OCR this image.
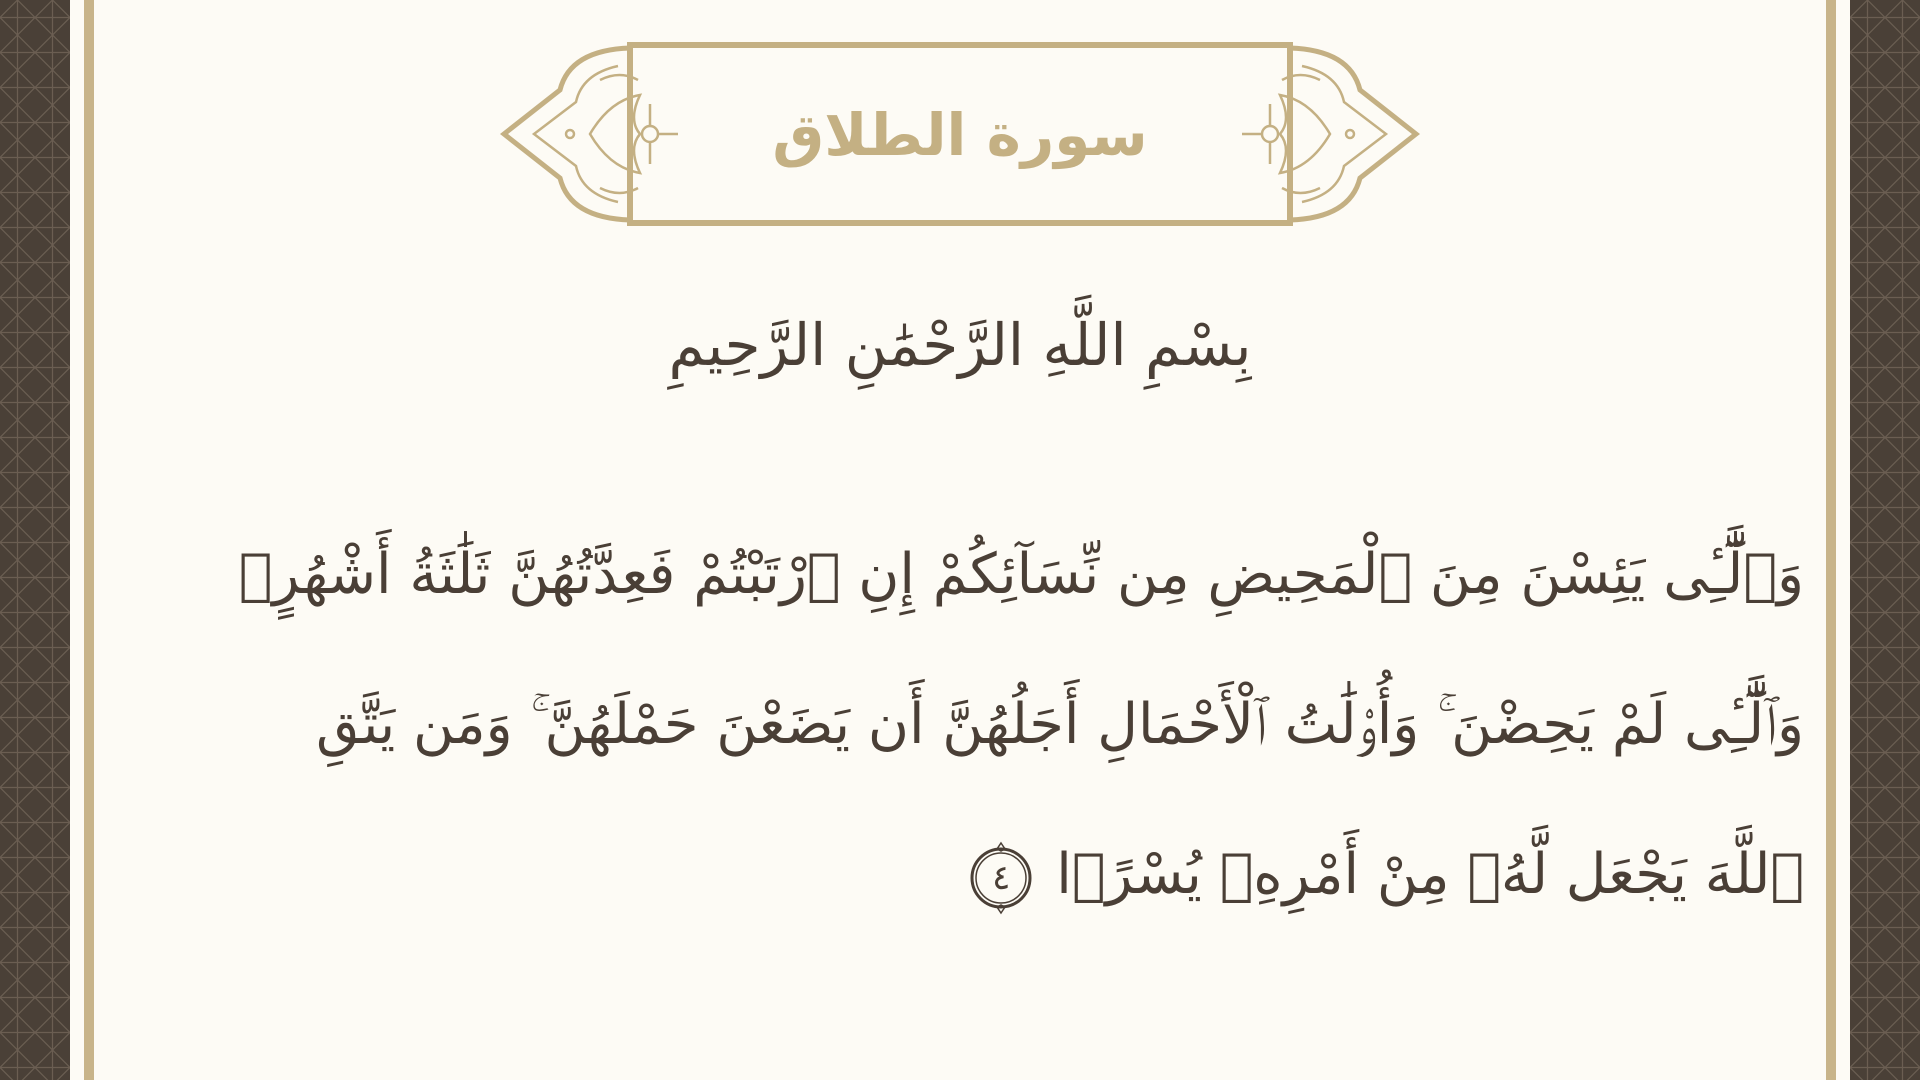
سورة الطلاق
بِسْمِ اللَّهِ الرَّحْمَٰنِ الرَّحِيمِ
وَٱلَّٰٓـِٔى يَئِسْنَ مِنَ ٱلْمَحِيضِ مِن نِّسَآئِكُمْ إِنِ ٱرْتَبْتُمْ فَعِدَّتُهُنَّ ثَلَٰثَةُ أَشْهُرٍۢ
وَٱلَّٰٓـِٔى لَمْ يَحِضْنَ ۚ وَأُو۟لَٰتُ ٱلْأَحْمَالِ أَجَلُهُنَّ أَن يَضَعْنَ حَمْلَهُنَّ ۚ وَمَن يَتَّقِ
ٱللَّهَ يَجْعَل لَّهُۥ مِنْ أَمْرِهِۦ يُسْرًۭا
٤
